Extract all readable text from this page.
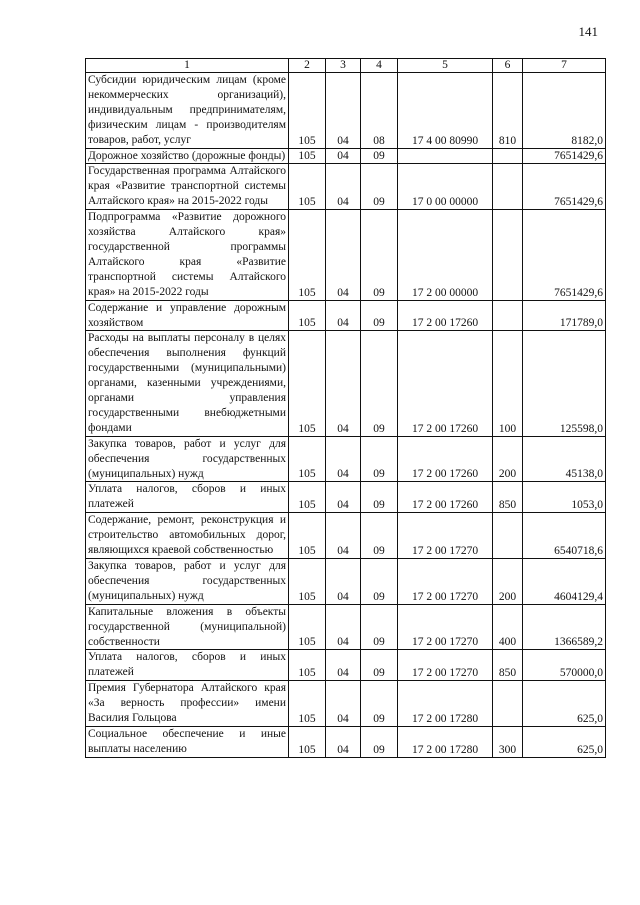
141
1	2	3	4	5	6	7
Субсидии юридическим лицам (кроме некоммерческих организаций), индивидуальным предпринимателям, физическим лицам - производителям товаров, работ, услуг	105	04	08	17 4 00 80990	810	8182,0
Дорожное хозяйство (дорожные фонды)	105	04	09			7651429,6
Государственная программа Алтайского края «Развитие транспортной системы Алтайского края» на 2015-2022 годы	105	04	09	17 0 00 00000		7651429,6
Подпрограмма «Развитие дорожного хозяйства Алтайского края» государственной программы Алтайского края «Развитие транспортной системы Алтайского края» на 2015-2022 годы	105	04	09	17 2 00 00000		7651429,6
Содержание и управление дорожным хозяйством	105	04	09	17 2 00 17260		171789,0
Расходы на выплаты персоналу в целях обеспечения выполнения функций государственными (муниципальными) органами, казенными учреждениями, органами управления государственными внебюджетными фондами	105	04	09	17 2 00 17260	100	125598,0
Закупка товаров, работ и услуг для обеспечения государственных (муниципальных) нужд	105	04	09	17 2 00 17260	200	45138,0
Уплата налогов, сборов и иных платежей	105	04	09	17 2 00 17260	850	1053,0
Содержание, ремонт, реконструкция и строительство автомобильных дорог, являющихся краевой собственностью	105	04	09	17 2 00 17270		6540718,6
Закупка товаров, работ и услуг для обеспечения государственных (муниципальных) нужд	105	04	09	17 2 00 17270	200	4604129,4
Капитальные вложения в объекты государственной (муниципальной) собственности	105	04	09	17 2 00 17270	400	1366589,2
Уплата налогов, сборов и иных платежей	105	04	09	17 2 00 17270	850	570000,0
Премия Губернатора Алтайского края «За верность профессии» имени Василия Гольцова	105	04	09	17 2 00 17280		625,0
Социальное обеспечение и иные выплаты населению	105	04	09	17 2 00 17280	300	625,0
